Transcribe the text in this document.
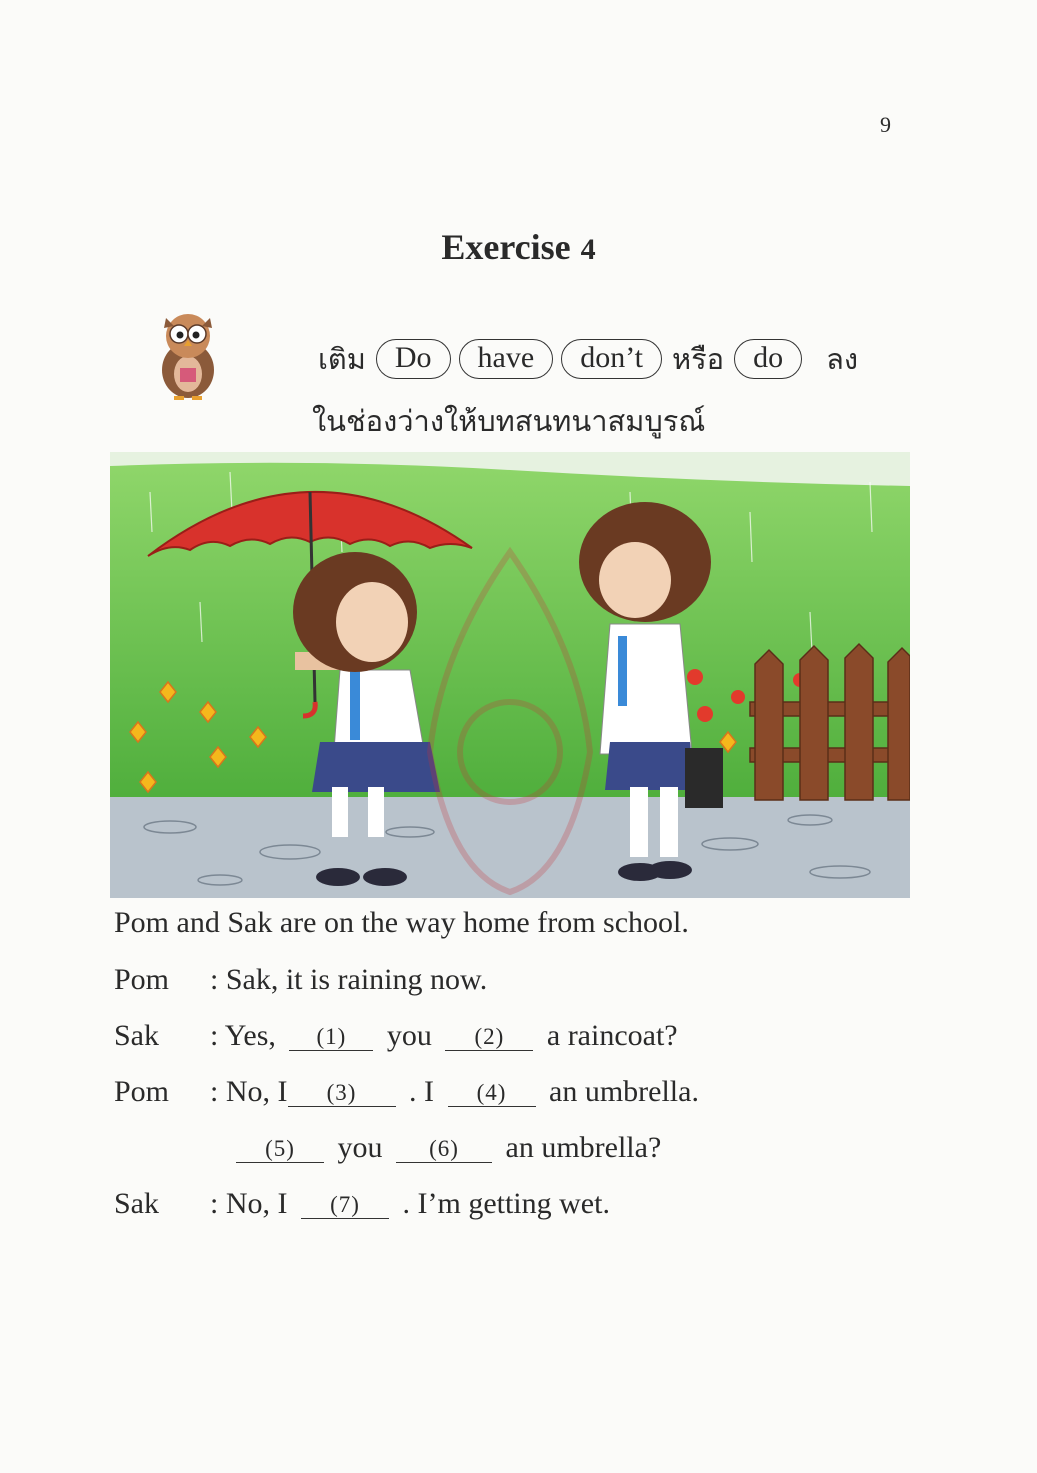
9
Exercise 4
เติม Do	have	don’t	หรือ do	ลง
ในช่องว่างให้บทสนทนาสมบูรณ์
Pom and Sak are on the way home from school.
Pom : Sak, it is raining now.
Sak : Yes, (1) you (2) a raincoat?
Pom : No, I (3) . I (4) an umbrella.
(5) you (6) an umbrella?
Sak : No, I (7) . I’m getting wet.
